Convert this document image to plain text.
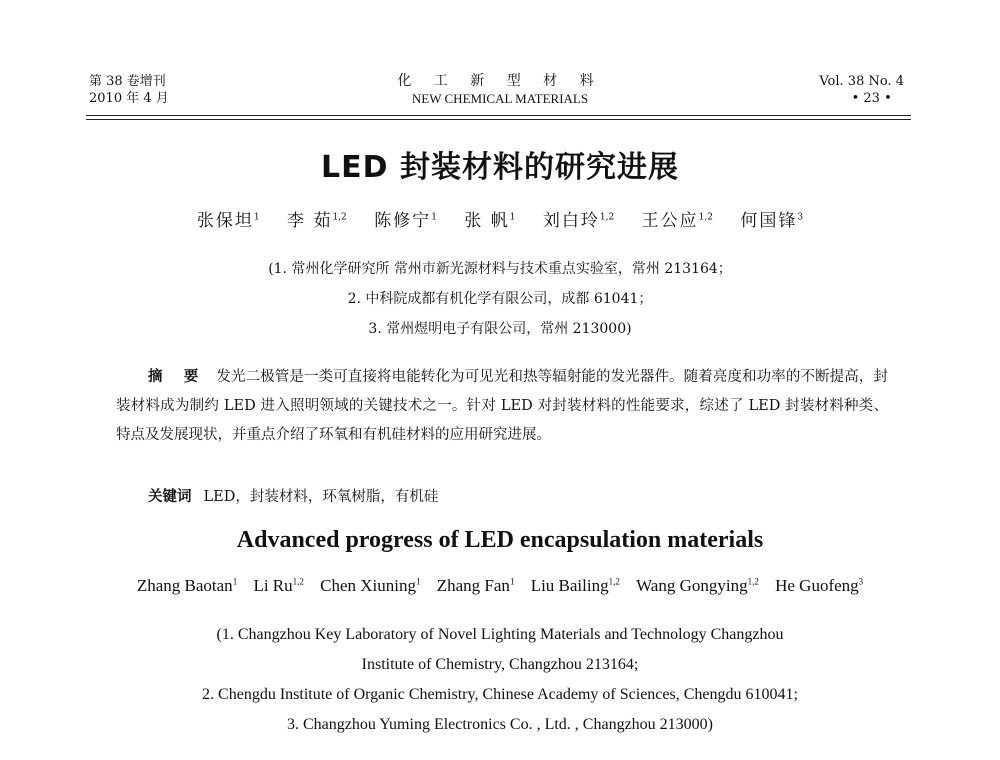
第 38 卷增刊
2010 年 4 月
化 工 新 型 材 料
NEW CHEMICAL MATERIALS
Vol. 38 No. 4
• 23 •
LED 封装材料的研究进展
张保坦$^1$ 李 茹$^{1,2}$ 陈修宁$^1$ 张 帆$^1$ 刘白玲$^{1,2}$ 王公应$^{1,2}$ 何国锋$^3$
(1. 常州化学研究所 常州市新光源材料与技术重点实验室，常州 213164；
2. 中科院成都有机化学有限公司，成都 61041；
3. 常州煜明电子有限公司，常州 213000)
摘 要 发光二极管是一类可直接将电能转化为可见光和热等辐射能的发光器件。随着亮度和功率的不断提高，封装材料成为制约 LED 进入照明领域的关键技术之一。针对 LED 对封装材料的性能要求，综述了 LED 封装材料种类、特点及发展现状，并重点介绍了环氧和有机硅材料的应用研究进展。
关键词 LED，封装材料，环氧树脂，有机硅
Advanced progress of LED encapsulation materials
Zhang Baotan$^1$ Li Ru$^{1,2}$ Chen Xiuning$^1$ Zhang Fan$^1$ Liu Bailing$^{1,2}$ Wang Gongying$^{1,2}$ He Guofeng$^3$
(1. Changzhou Key Laboratory of Novel Lighting Materials and Technology Changzhou
Institute of Chemistry, Changzhou 213164;
2. Chengdu Institute of Organic Chemistry, Chinese Academy of Sciences, Chengdu 610041;
3. Changzhou Yuming Electronics Co. , Ltd. , Changzhou 213000)
